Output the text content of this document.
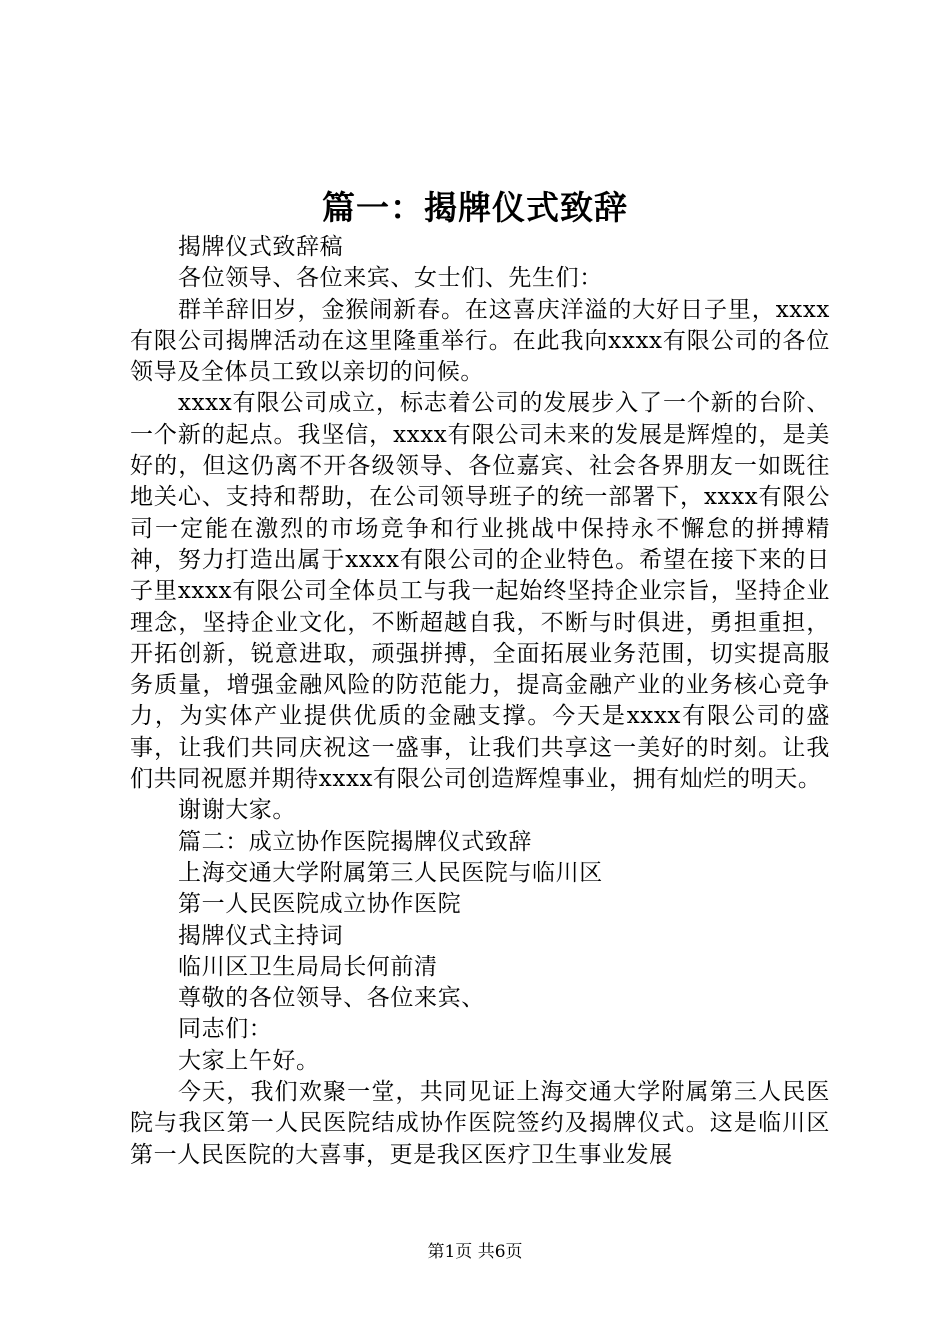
篇一：揭牌仪式致辞

揭牌仪式致辞稿

各位领导、各位来宾、女士们、先生们：

群羊辞旧岁，金猴闹新春。在这喜庆洋溢的大好日子里，xxxx有限公司揭牌活动在这里隆重举行。在此我向xxxx有限公司的各位领导及全体员工致以亲切的问候。

xxxx有限公司成立，标志着公司的发展步入了一个新的台阶、一个新的起点。我坚信，xxxx有限公司未来的发展是辉煌的，是美好的，但这仍离不开各级领导、各位嘉宾、社会各界朋友一如既往地关心、支持和帮助，在公司领导班子的统一部署下，xxxx有限公司一定能在激烈的市场竞争和行业挑战中保持永不懈怠的拼搏精神，努力打造出属于xxxx有限公司的企业特色。希望在接下来的日子里xxxx有限公司全体员工与我一起始终坚持企业宗旨，坚持企业理念，坚持企业文化，不断超越自我，不断与时俱进，勇担重担，开拓创新，锐意进取，顽强拼搏，全面拓展业务范围，切实提高服务质量，增强金融风险的防范能力，提高金融产业的业务核心竞争力，为实体产业提供优质的金融支撑。今天是xxxx有限公司的盛事，让我们共同庆祝这一盛事，让我们共享这一美好的时刻。让我们共同祝愿并期待xxxx有限公司创造辉煌事业，拥有灿烂的明天。

谢谢大家。

篇二：成立协作医院揭牌仪式致辞

上海交通大学附属第三人民医院与临川区

第一人民医院成立协作医院

揭牌仪式主持词

临川区卫生局局长何前清

尊敬的各位领导、各位来宾、

同志们：

大家上午好。

今天，我们欢聚一堂，共同见证上海交通大学附属第三人民医院与我区第一人民医院结成协作医院签约及揭牌仪式。这是临川区第一人民医院的大喜事，更是我区医疗卫生事业发展

第1页 共6页
